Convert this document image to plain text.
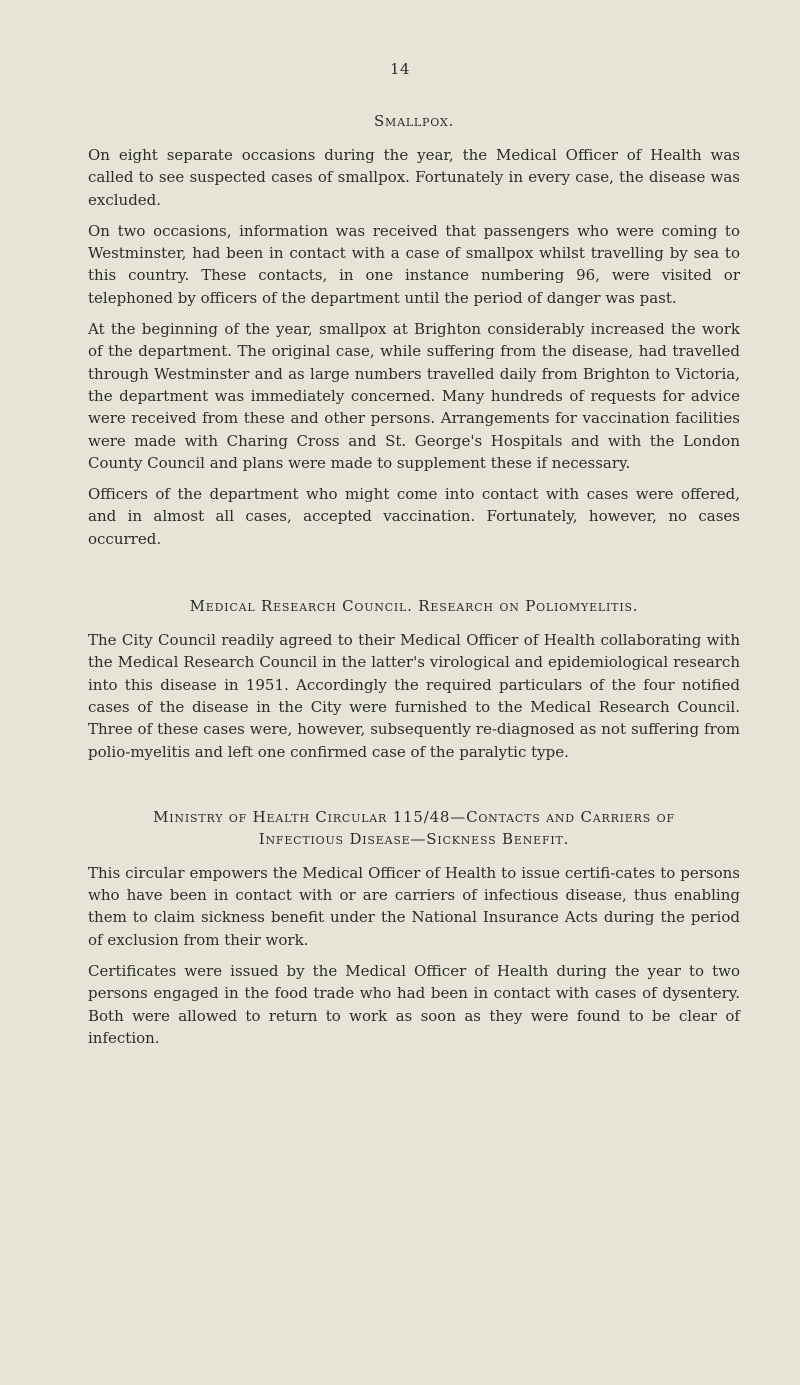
14
Smallpox.

On eight separate occasions during the year, the Medical Officer of Health was called to see suspected cases of smallpox. Fortunately in every case, the disease was excluded.

On two occasions, information was received that passengers who were coming to Westminster, had been in contact with a case of smallpox whilst travelling by sea to this country. These contacts, in one instance numbering 96, were visited or telephoned by officers of the department until the period of danger was past.

At the beginning of the year, smallpox at Brighton considerably increased the work of the department. The original case, while suffering from the disease, had travelled through Westminster and as large numbers travelled daily from Brighton to Victoria, the department was immediately concerned. Many hundreds of requests for advice were received from these and other persons. Arrangements for vaccination facilities were made with Charing Cross and St. George's Hospitals and with the London County Council and plans were made to supplement these if necessary.

Officers of the department who might come into contact with cases were offered, and in almost all cases, accepted vaccination. Fortunately, however, no cases occurred.

Medical Research Council. Research on Poliomyelitis.

The City Council readily agreed to their Medical Officer of Health collaborating with the Medical Research Council in the latter's virological and epidemiological research into this disease in 1951. Accordingly the required particulars of the four notified cases of the disease in the City were furnished to the Medical Research Council. Three of these cases were, however, subsequently re-diagnosed as not suffering from polio-myelitis and left one confirmed case of the paralytic type.

Ministry of Health Circular 115/48—Contacts and Carriers of
Infectious Disease—Sickness Benefit.

This circular empowers the Medical Officer of Health to issue certifi-cates to persons who have been in contact with or are carriers of infectious disease, thus enabling them to claim sickness benefit under the National Insurance Acts during the period of exclusion from their work.

Certificates were issued by the Medical Officer of Health during the year to two persons engaged in the food trade who had been in contact with cases of dysentery. Both were allowed to return to work as soon as they were found to be clear of infection.
